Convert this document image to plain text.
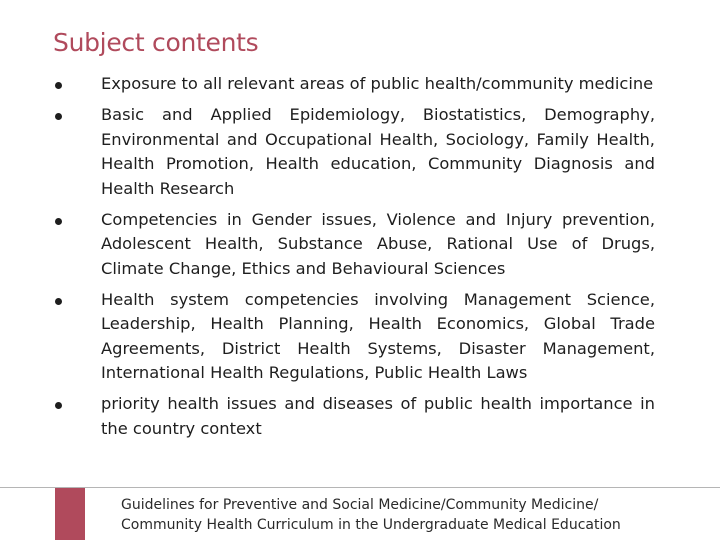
Subject contents
Exposure to all relevant areas of public health/community medicine
Basic and Applied Epidemiology, Biostatistics, Demography, Environmental and Occupational Health, Sociology, Family Health, Health Promotion, Health education, Community Diagnosis and Health Research
Competencies in Gender issues, Violence and Injury prevention, Adolescent Health, Substance Abuse, Rational Use of Drugs, Climate Change, Ethics and Behavioural Sciences
Health system competencies involving Management Science, Leadership, Health Planning, Health Economics, Global Trade Agreements, District Health Systems, Disaster Management, International Health Regulations, Public Health Laws
priority health issues and diseases of public health importance in the country context
Guidelines for Preventive and Social Medicine/Community Medicine/
Community Health Curriculum in the Undergraduate Medical Education
